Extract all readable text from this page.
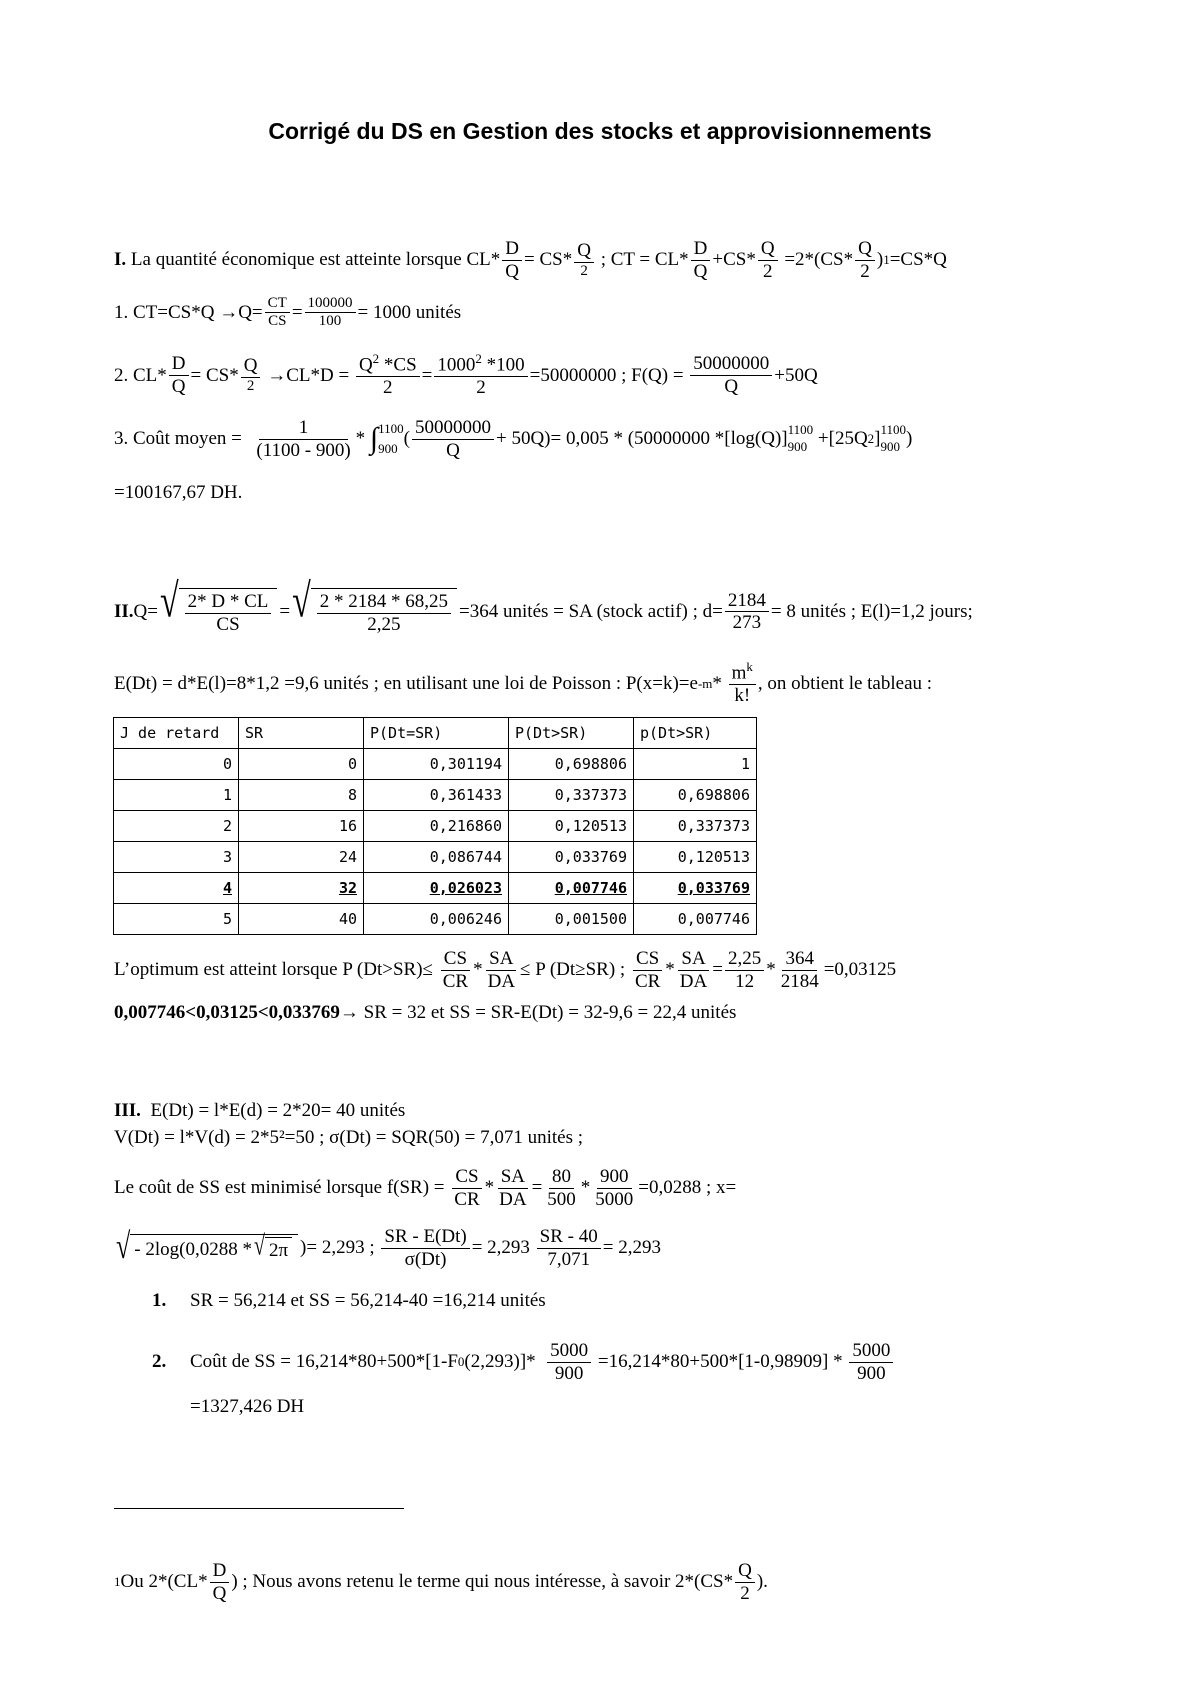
Corrigé du DS en Gestion des stocks et approvisionnements
I.
La quantité économique est atteinte lorsque $CL* \frac{D}{Q} = CS* \frac{Q}{2}$
; CT = $CL* \frac{D}{Q} +CS* \frac{Q}{2}$
$=2*(CS* \frac{Q}{2}$ ) 1 =CS*Q
1. $CT=CS*Q \to Q= \frac{CT}{CS} = \frac{100000}{100} = 1000$ unités
2. $CL* \frac{D}{Q} = CS* \frac{Q}{2}$
→CL*D =
$\frac{Q^2 *CS}{2} = \frac{1000^2 *100}{2} =50000000$ ; F(Q) =
$\frac{50000000}{Q} +50Q$
3. Coût moyen =
$\frac{1}{(1100 - 900)}$ *
∫ 1100
900 ( $\frac{50000000}{Q} + 50Q)= 0,005 * (50000000$ *[log(Q)] 1100
900
+[25Q 2 ] 1100
900 )
=100167,67 DH.
II. Q= √ $\frac{2* D * CL}{CS}$ = √ $\frac{2 * 2184 * 68,25}{2,25} =364$ unités = SA (stock actif) ; $d= \frac{2184}{273} = 8$ unités ; E(l)=1,2 jours;
E(Dt) = d*E(l)=8*1,2 =9,6 unités ; en utilisant une loi de Poisson : P(x=k)=e -m *
$\frac{m^k}{k!}$ , on obtient le tableau :
J de retard	SR	P(Dt=SR)	P(Dt>SR)	p(Dt>SR)
0	0	0,301194	0,698806	1
1	8	0,361433	0,337373	0,698806
2	16	0,216860	0,120513	0,337373
3	24	0,086744	0,033769	0,120513
4	32	0,026023	0,007746	0,033769
5	40	0,006246	0,001500	0,007746
L’optimum est atteint lorsque P (Dt>SR)≤
$\frac{CS}{CR} * \frac{SA}{DA} \le P$ (Dt≥SR) ;
$\frac{CS}{CR} * \frac{SA}{DA} = \frac{2,25}{12} * \frac{364}{2184} =0,03125$
0,007746<0,03125<0,033769 → SR = 32 et SS = SR-E(Dt) = 32-9,6 = 22,4 unités
III.
E(Dt) = l*E(d) = 2*20= 40 unités
V(Dt) = l*V(d) = 2*5²=50 ; σ(Dt) = SQR(50) = 7,071 unités ;
Le coût de SS est minimisé lorsque f(SR) =
$\frac{CS}{CR} * \frac{SA}{DA} = \frac{80}{500} * \frac{900}{5000} =0,0288$ ; x=
√ - 2log(0,0288 * √ 2π )= 2,293 ;
$\frac{SR - E(Dt)}{\sigma(Dt)} = 2,293$
$\frac{SR - 40}{7,071} = 2,293$
1.	SR = 56,214 et SS = 56,214-40 =16,214 unités
2.	Coût de SS = 16,214*80+500*[1-F 0 (2,293)]*
$\frac{5000}{900}$
=16,214*80+500*[1-0,98909] *
$\frac{5000}{900}$
=1327,426 DH
1 Ou $2*(CL* \frac{D}{Q}$ ) ; Nous avons retenu le terme qui nous intéresse, à savoir $2*(CS* \frac{Q}{2}$ ).
